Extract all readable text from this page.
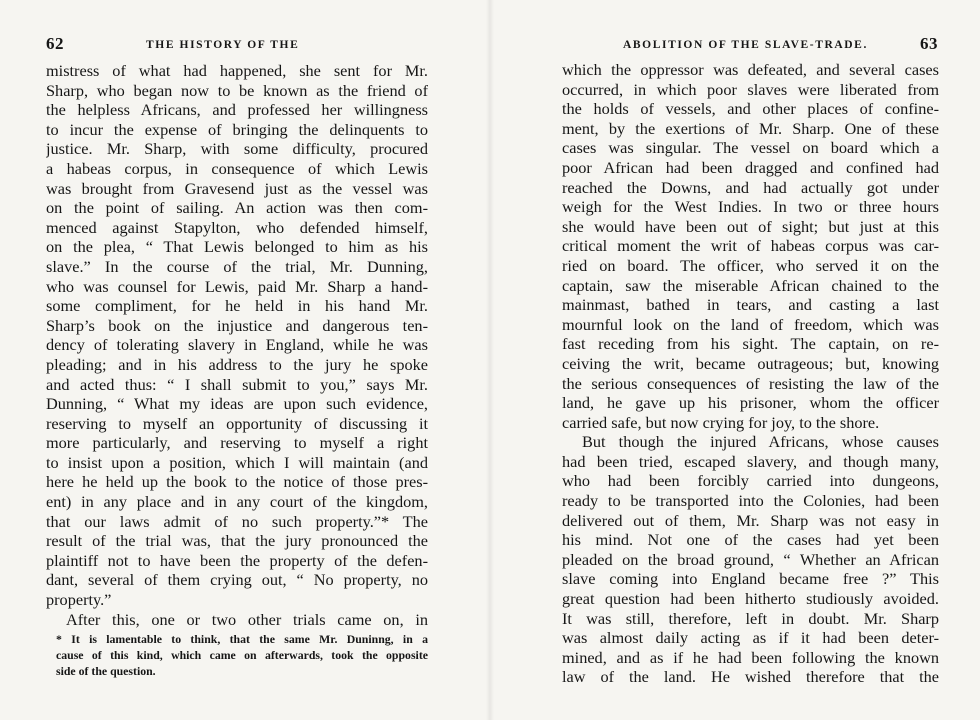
62	THE HISTORY OF THE
mistress of what had happened, she sent for Mr.
Sharp, who began now to be known as the friend of
the helpless Africans, and professed her willingness
to incur the expense of bringing the delinquents to
justice. Mr. Sharp, with some difficulty, procured
a habeas corpus, in consequence of which Lewis
was brought from Gravesend just as the vessel was
on the point of sailing. An action was then com-
menced against Stapylton, who defended himself,
on the plea, “ That Lewis belonged to him as his
slave.” In the course of the trial, Mr. Dunning,
who was counsel for Lewis, paid Mr. Sharp a hand-
some compliment, for he held in his hand Mr.
Sharp’s book on the injustice and dangerous ten-
dency of tolerating slavery in England, while he was
pleading; and in his address to the jury he spoke
and acted thus: “ I shall submit to you,” says Mr.
Dunning, “ What my ideas are upon such evidence,
reserving to myself an opportunity of discussing it
more particularly, and reserving to myself a right
to insist upon a position, which I will maintain (and
here he held up the book to the notice of those pres-
ent) in any place and in any court of the kingdom,
that our laws admit of no such property.”* The
result of the trial was, that the jury pronounced the
plaintiff not to have been the property of the defen-
dant, several of them crying out, “ No property, no
property.”
After this, one or two other trials came on, in
* It is lamentable to think, that the same Mr. Duninng, in a
cause of this kind, which came on afterwards, took the opposite
side of the question.
ABOLITION OF THE SLAVE-TRADE.	63
which the oppressor was defeated, and several cases
occurred, in which poor slaves were liberated from
the holds of vessels, and other places of confine-
ment, by the exertions of Mr. Sharp. One of these
cases was singular. The vessel on board which a
poor African had been dragged and confined had
reached the Downs, and had actually got under
weigh for the West Indies. In two or three hours
she would have been out of sight; but just at this
critical moment the writ of habeas corpus was car-
ried on board. The officer, who served it on the
captain, saw the miserable African chained to the
mainmast, bathed in tears, and casting a last
mournful look on the land of freedom, which was
fast receding from his sight. The captain, on re-
ceiving the writ, became outrageous; but, knowing
the serious consequences of resisting the law of the
land, he gave up his prisoner, whom the officer
carried safe, but now crying for joy, to the shore.
But though the injured Africans, whose causes
had been tried, escaped slavery, and though many,
who had been forcibly carried into dungeons,
ready to be transported into the Colonies, had been
delivered out of them, Mr. Sharp was not easy in
his mind. Not one of the cases had yet been
pleaded on the broad ground, “ Whether an African
slave coming into England became free ?” This
great question had been hitherto studiously avoided.
It was still, therefore, left in doubt. Mr. Sharp
was almost daily acting as if it had been deter-
mined, and as if he had been following the known
law of the land. He wished therefore that the
